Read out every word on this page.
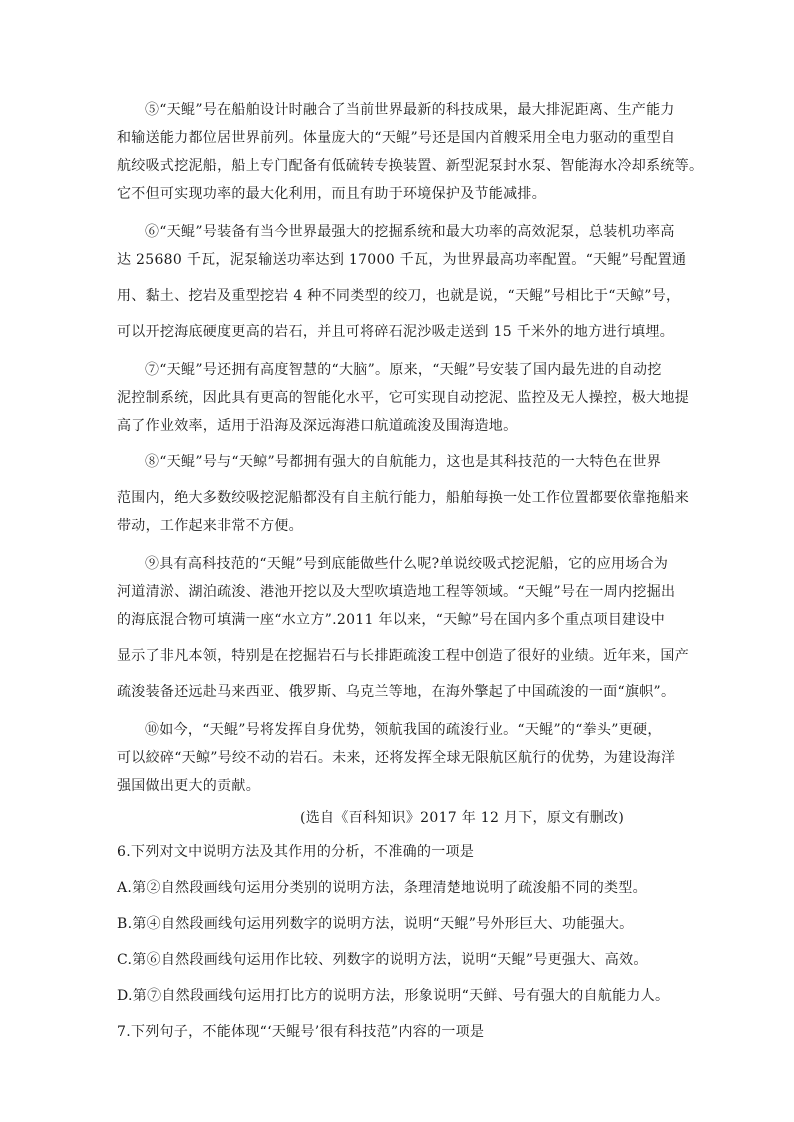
⑤“天鲲”号在船舶设计时融合了当前世界最新的科技成果，最大排泥距离、生产能力
和输送能力都位居世界前列。体量庞大的“天鲲”号还是国内首艘采用全电力驱动的重型自
航绞吸式挖泥船，船上专门配备有低硫转专换装置、新型泥泵封水泵、智能海水冷却系统等。
它不但可实现功率的最大化利用，而且有助于环境保护及节能减排。
⑥“天鲲”号装备有当今世界最强大的挖掘系统和最大功率的高效泥泵，总装机功率高
达 25680 千瓦，泥泵输送功率达到 17000 千瓦，为世界最高功率配置。“天鲲”号配置通
用、黏土、挖岩及重型挖岩 4 种不同类型的绞刀，也就是说，“天鲲”号相比于“天鲸”号，
可以开挖海底硬度更高的岩石，并且可将碎石泥沙吸走送到 15 千米外的地方进行填埋。
⑦“天鲲”号还拥有高度智慧的“大脑”。原来，“天鲲”号安装了国内最先进的自动挖
泥控制系统，因此具有更高的智能化水平，它可实现自动挖泥、监控及无人操控，极大地提
高了作业效率，适用于沿海及深远海港口航道疏浚及围海造地。
⑧“天鲲”号与“天鲸”号都拥有强大的自航能力，这也是其科技范的一大特色在世界
范围内，绝大多数绞吸挖泥船都没有自主航行能力，船舶每换一处工作位置都要依靠拖船来
带动，工作起来非常不方便。
⑨具有高科技范的“天鲲”号到底能做些什么呢?单说绞吸式挖泥船，它的应用场合为
河道清淤、湖泊疏浚、港池开挖以及大型吹填造地工程等领域。“天鲲”号在一周内挖掘出
的海底混合物可填满一座“水立方”.2011 年以来，“天鲸”号在国内多个重点项目建设中
显示了非凡本领，特别是在挖掘岩石与长排距疏浚工程中创造了很好的业绩。近年来，国产
疏浚装备还远赴马来西亚、俄罗斯、乌克兰等地，在海外擎起了中国疏浚的一面“旗帜”。
⑩如今，“天鲲”号将发挥自身优势，领航我国的疏浚行业。“天鲲”的“拳头”更硬，
可以絞碎“天鲸”号绞不动的岩石。未来，还将发挥全球无限航区航行的优势，为建设海洋
强国做出更大的贡献。
(选自《百科知识》2017 年 12 月下，原文有删改)
6.下列对文中说明方法及其作用的分析，不准确的一项是
A.第②自然段画线句运用分类别的说明方法，条理清楚地说明了疏浚船不同的类型。
B.第④自然段画线句运用列数字的说明方法，说明“天鲲”号外形巨大、功能强大。
C.第⑥自然段画线句运用作比较、列数字的说明方法，说明“天鲲”号更强大、高效。
D.第⑦自然段画线句运用打比方的说明方法，形象说明“天鲜、号有强大的自航能力人。
7.下列句子，不能体现“‘天鲲号’很有科技范”内容的一项是
